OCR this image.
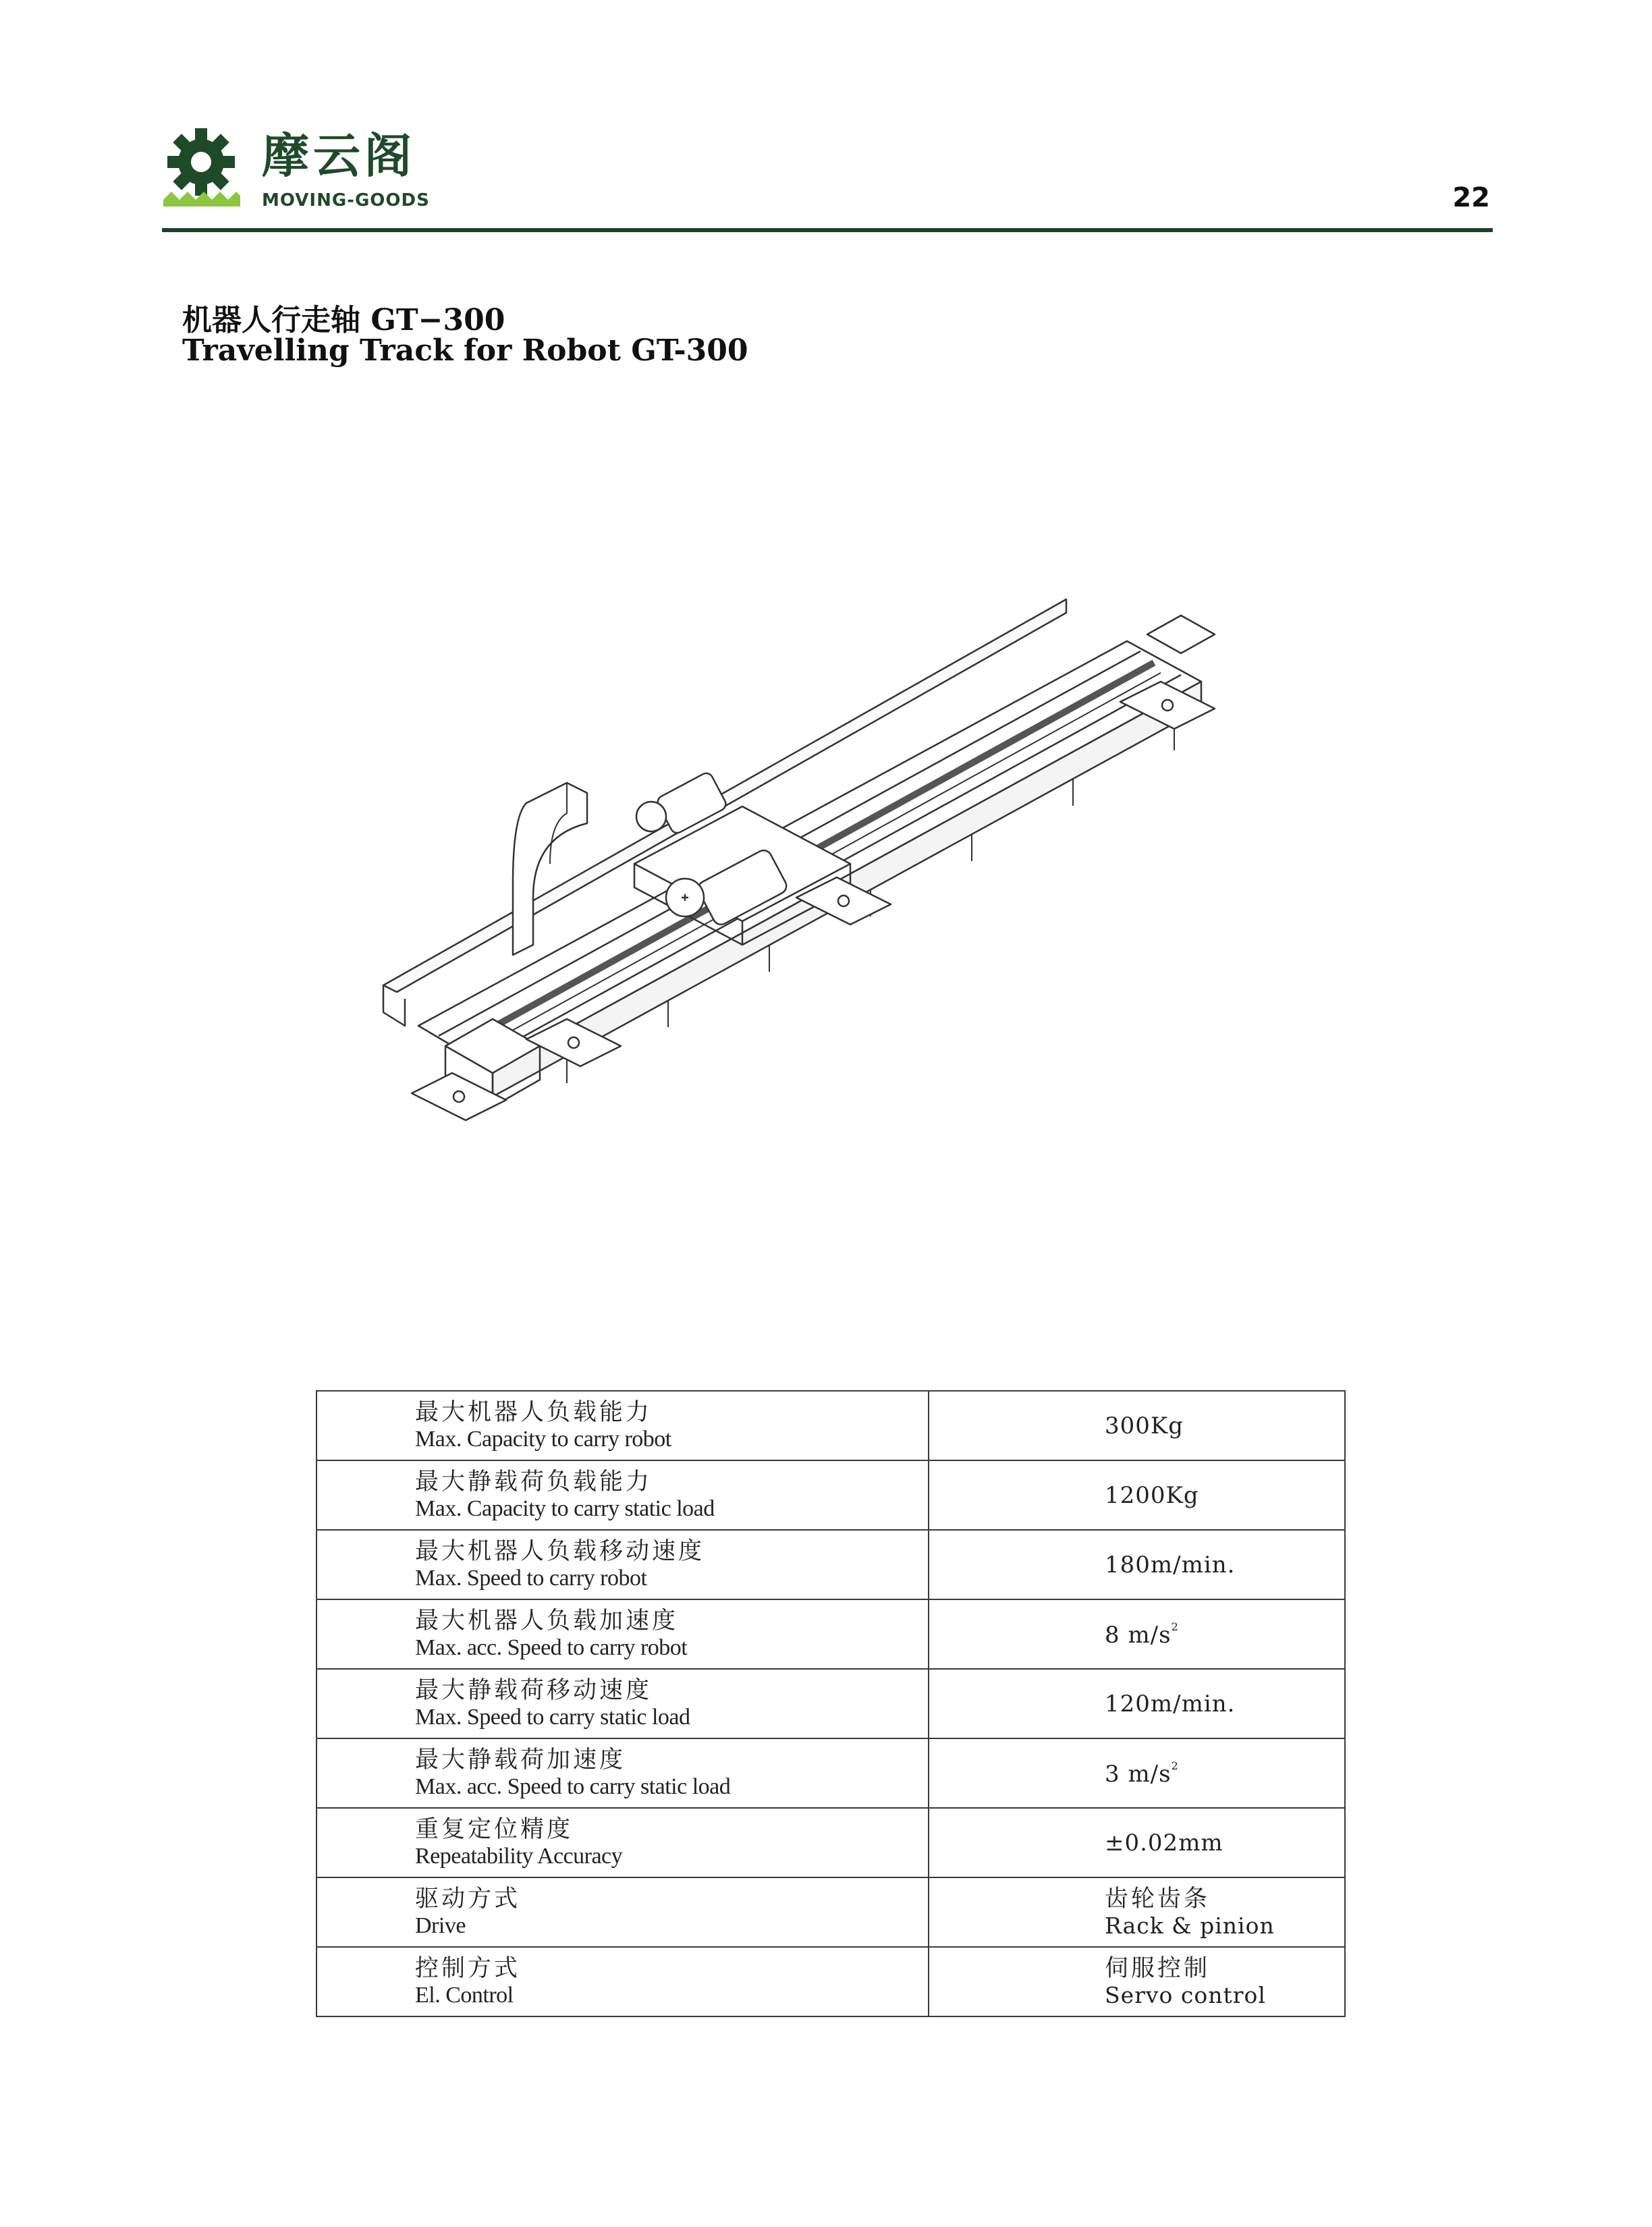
摩云阁
MOVING-GOODS	22
机器人行走轴 GT−300
Travelling Track for Robot GT-300
最大机器人负载能力
Max. Capacity to carry robot	300Kg

最大静载荷负载能力
Max. Capacity to carry static load	1200Kg

最大机器人负载移动速度
Max. Speed to carry robot	180m/min.

最大机器人负载加速度
Max. acc. Speed to carry robot	8 $m/s^2$

最大静载荷移动速度
Max. Speed to carry static load	120m/min.

最大静载荷加速度
Max. acc. Speed to carry static load	3 $m/s^2$

重复定位精度
Repeatability Accuracy	±0.02mm

驱动方式
Drive	齿轮齿条
Rack & pinion

控制方式
El. Control	伺服控制
Servo control
